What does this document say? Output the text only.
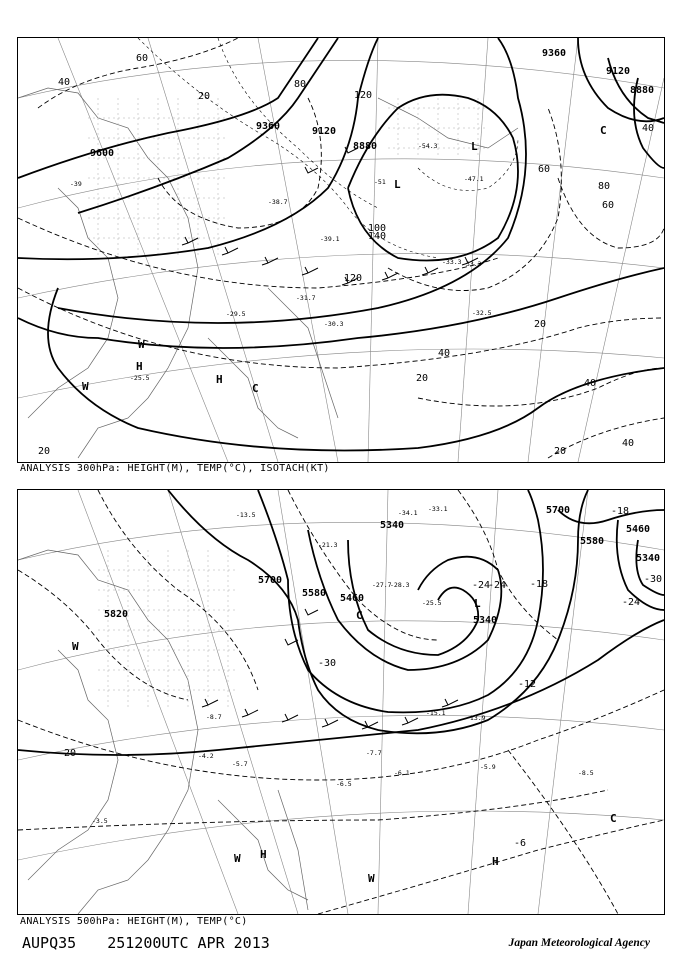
9600
9360	9120
8880
9360
9120
8880
40
60
80
20
120
140
100
120
80
60
20
40
40
20
20
40
20
40
60
-39	-51
-54.3
-47.1
-38.7
-33.3
-39.1
-30.3
-31.7
-32.5
-33.3
-29.5
-25.5
L
L
H
H
W
W	C
C
ANALYSIS 300hPa: HEIGHT(M), TEMP(°C), ISOTACH(KT)
5700
5340
5820
5700
5580 5460
5340
5460
5580
5340
-18
-24
-30
-24
-18
-12
-30
-6
20
-24
-34.1 -33.1
-13.5
-21.3
-27.7
-28.3
-25.5
-15.1
-13.9
-7.7
-6.1
-5.7	-5.9
-8.5
-3.5
-6.5
-8.7
-4.2
L
C
C
H
H
W
W
W
ANALYSIS 500hPa: HEIGHT(M), TEMP(°C)
AUPQ35 251200UTC APR 2013	Japan Meteorological Agency
